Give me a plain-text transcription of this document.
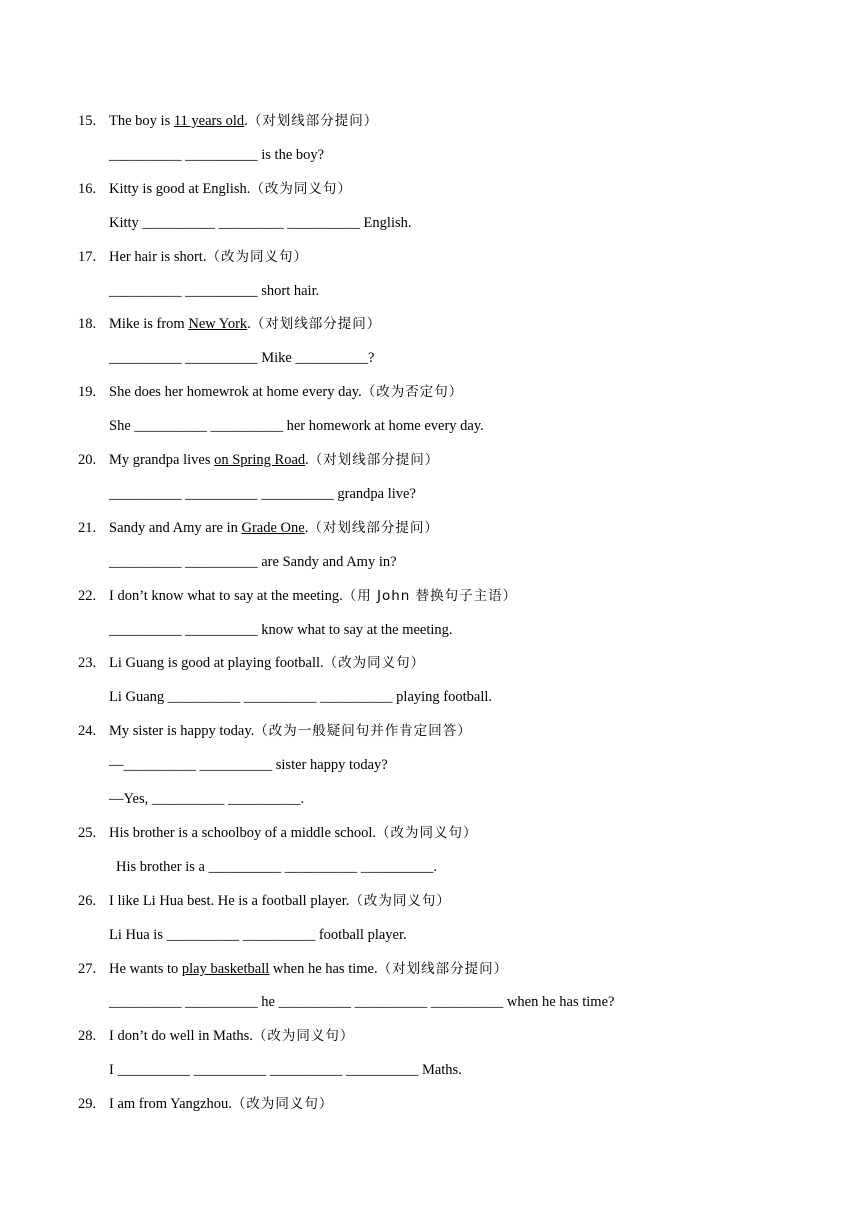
15. The boy is 11 years old.（对划线部分提问）
__________ __________ is the boy?
16. Kitty is good at English.（改为同义句）
Kitty __________ _________ __________ English.
17. Her hair is short.（改为同义句）
__________ __________ short hair.
18. Mike is from New York.（对划线部分提问）
__________ __________ Mike __________?
19. She does her homewrok at home every day.（改为否定句）
She __________ __________ her homework at home every day.
20. My grandpa lives on Spring Road.（对划线部分提问）
__________ __________ __________ grandpa live?
21. Sandy and Amy are in Grade One.（对划线部分提问）
__________ __________ are Sandy and Amy in?
22. I don’t know what to say at the meeting.（用 John 替换句子主语）
__________ __________ know what to say at the meeting.
23. Li Guang is good at playing football.（改为同义句）
Li Guang __________ __________ __________ playing football.
24. My sister is happy today.（改为一般疑问句并作肯定回答）
—__________ __________ sister happy today?
—Yes, __________ __________.
25. His brother is a schoolboy of a middle school.（改为同义句）
His brother is a __________ __________ __________.
26. I like Li Hua best. He is a football player.（改为同义句）
Li Hua is __________ __________ football player.
27. He wants to play basketball when he has time.（对划线部分提问）
__________ __________ he __________ __________ __________ when he has time?
28. I don’t do well in Maths.（改为同义句）
I __________ __________ __________ __________ Maths.
29. I am from Yangzhou.（改为同义句）
